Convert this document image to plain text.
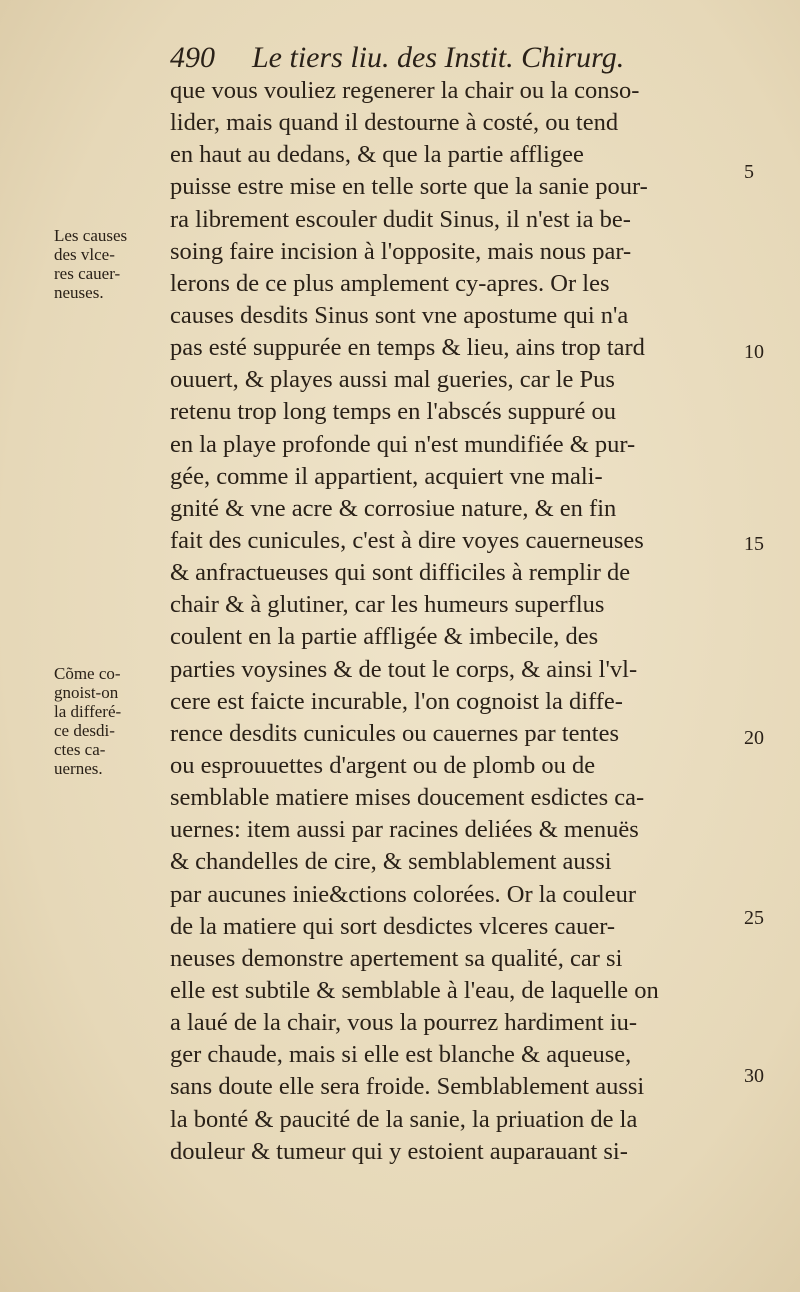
490 Le tiers liu. des Instit. Chirurg.
que vous vouliez regenerer la chair ou la conso-
lider, mais quand il destourne à costé, ou tend
en haut au dedans, & que la partie affligee
puisse estre mise en telle sorte que la sanie pour-
ra librement escouler dudit Sinus, il n'est ia be-
soing faire incision à l'opposite, mais nous par-
lerons de ce plus amplement cy-apres. Or les
causes desdits Sinus sont vne apostume qui n'a
pas esté suppurée en temps & lieu, ains trop tard
ouuert, & playes aussi mal gueries, car le Pus
retenu trop long temps en l'abscés suppuré ou
en la playe profonde qui n'est mundifiée & pur-
gée, comme il appartient, acquiert vne mali-
gnité & vne acre & corrosiue nature, & en fin
fait des cunicules, c'est à dire voyes cauerneuses
& anfractueuses qui sont difficiles à remplir de
chair & à glutiner, car les humeurs superflus
coulent en la partie affligée & imbecile, des
parties voysines & de tout le corps, & ainsi l'vl-
cere est faicte incurable, l'on cognoist la diffe-
rence desdits cunicules ou cauernes par tentes
ou esprouuettes d'argent ou de plomb ou de
semblable matiere mises doucement esdictes ca-
uernes: item aussi par racines deliées & menuës
& chandelles de cire, & semblablement aussi
par aucunes inie&ctions colorées. Or la couleur
de la matiere qui sort desdictes vlceres cauer-
neuses demonstre apertement sa qualité, car si
elle est subtile & semblable à l'eau, de laquelle on
a laué de la chair, vous la pourrez hardiment iu-
ger chaude, mais si elle est blanche & aqueuse,
sans doute elle sera froide. Semblablement aussi
la bonté & paucité de la sanie, la priuation de la
douleur & tumeur qui y estoient auparauant si-
Les causes
des vlce-
res cauer-
neuses.
Cõme co-
gnoist-on
la differé-
ce desdi-
ctes ca-
uernes.
5
10
15
20
25
30
